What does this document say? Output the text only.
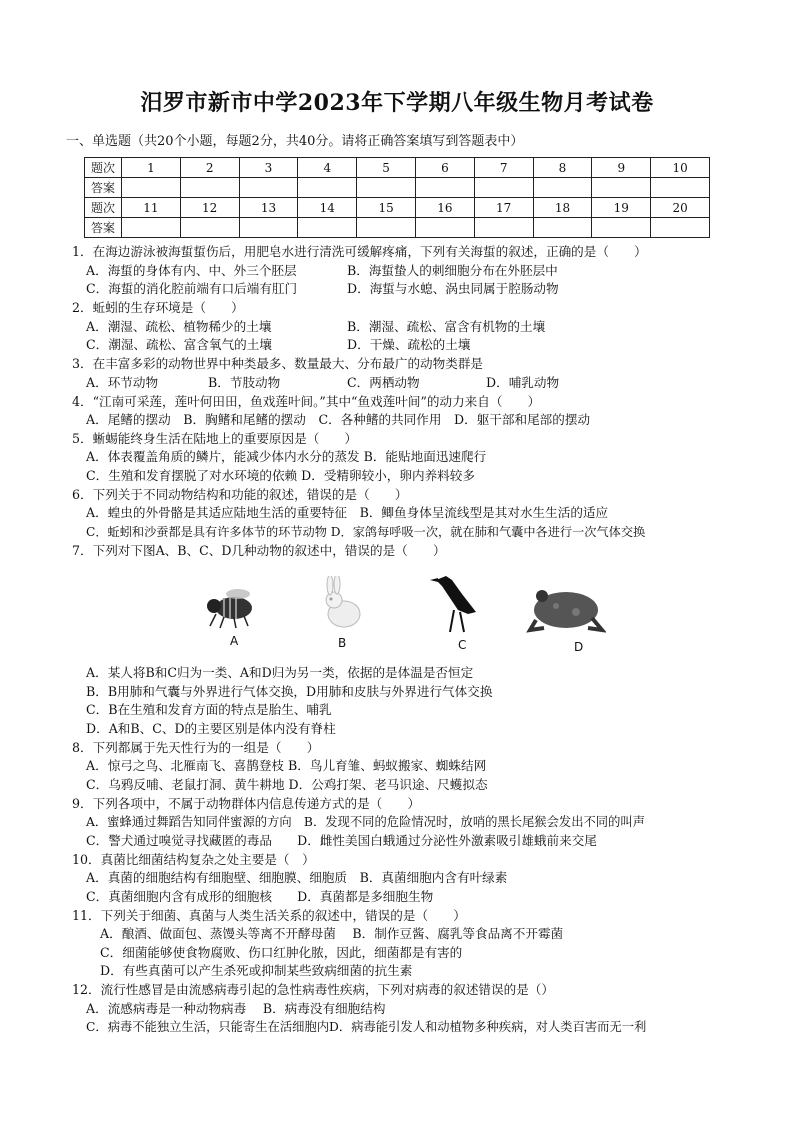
汨罗市新市中学2023年下学期八年级生物月考试卷
一、单选题（共20个小题，每题2分，共40分。请将正确答案填写到答题表中）
题次	1	2	3	4	5	6	7	8	9	10
答案										
题次	11	12	13	14	15	16	17	18	19	20
答案										
1．在海边游泳被海蜇蜇伤后，用肥皂水进行清洗可缓解疼痛，下列有关海蜇的叙述，正确的是（　　）
A．海蜇的身体有内、中、外三个胚层	B．海蜇蛰人的刺细胞分布在外胚层中
C．海蜇的消化腔前端有口后端有肛门	D．海蜇与水螅、涡虫同属于腔肠动物
2．蚯蚓的生存环境是（　　）
A．潮湿、疏松、植物稀少的土壤	B．潮湿、疏松、富含有机物的土壤
C．潮湿、疏松、富含氧气的土壤	D．干燥、疏松的土壤
3．在丰富多彩的动物世界中种类最多、数量最大、分布最广的动物类群是
A．环节动物	B．节肢动物	C．两栖动物	D．哺乳动物
4．“江南可采莲，莲叶何田田，鱼戏莲叶间。”其中“鱼戏莲叶间”的动力来自（　　）
A．尾鳍的摆动　B．胸鳍和尾鳍的摆动　C．各种鳍的共同作用　D．躯干部和尾部的摆动
5．蜥蜴能终身生活在陆地上的重要原因是（　　）
A．体表覆盖角质的鳞片，能减少体内水分的蒸发 B．能贴地面迅速爬行
C．生殖和发育摆脱了对水环境的依赖 D．受精卵较小，卵内养料较多
6．下列关于不同动物结构和功能的叙述，错误的是（　　）
A．蝗虫的外骨骼是其适应陆地生活的重要特征　B．鲫鱼身体呈流线型是其对水生生活的适应
C．蚯蚓和沙蚕都是具有许多体节的环节动物 D．家鸽每呼吸一次，就在肺和气囊中各进行一次气体交换
7．下列对下图A、B、C、D几种动物的叙述中，错误的是（　　）
A	B	C	D
A．某人将B和C归为一类、A和D归为另一类，依据的是体温是否恒定
B．B用肺和气囊与外界进行气体交换，D用肺和皮肤与外界进行气体交换
C．B在生殖和发育方面的特点是胎生、哺乳
D．A和B、C、D的主要区别是体内没有脊柱
8．下列都属于先天性行为的一组是（　　）
A．惊弓之鸟、北雁南飞、喜鹊登枝 B．鸟儿育雏、蚂蚁搬家、蜘蛛结网
C．乌鸦反哺、老鼠打洞、黄牛耕地 D．公鸡打架、老马识途、尺蠖拟态
9．下列各项中，不属于动物群体内信息传递方式的是（　　）
A．蜜蜂通过舞蹈告知同伴蜜源的方向　B．发现不同的危险情况时，放哨的黑长尾猴会发出不同的叫声
C．警犬通过嗅觉寻找藏匿的毒品　　D．雌性美国白蛾通过分泌性外激素吸引雄蛾前来交尾
10．真菌比细菌结构复杂之处主要是（　）
A．真菌的细胞结构有细胞壁、细胞膜、细胞质　B．真菌细胞内含有叶绿素
C．真菌细胞内含有成形的细胞核　　D．真菌都是多细胞生物
11．下列关于细菌、真菌与人类生活关系的叙述中，错误的是（　　）
A．酿酒、做面包、蒸馒头等离不开酵母菌　 B．制作豆酱、腐乳等食品离不开霉菌
C．细菌能够使食物腐败、伤口红肿化脓，因此，细菌都是有害的
D．有些真菌可以产生杀死或抑制某些致病细菌的抗生素
12．流行性感冒是由流感病毒引起的急性病毒性疾病，下列对病毒的叙述错误的是（）
A．流感病毒是一种动物病毒　 B．病毒没有细胞结构
C．病毒不能独立生活，只能寄生在活细胞内D．病毒能引发人和动植物多种疾病，对人类百害而无一利
